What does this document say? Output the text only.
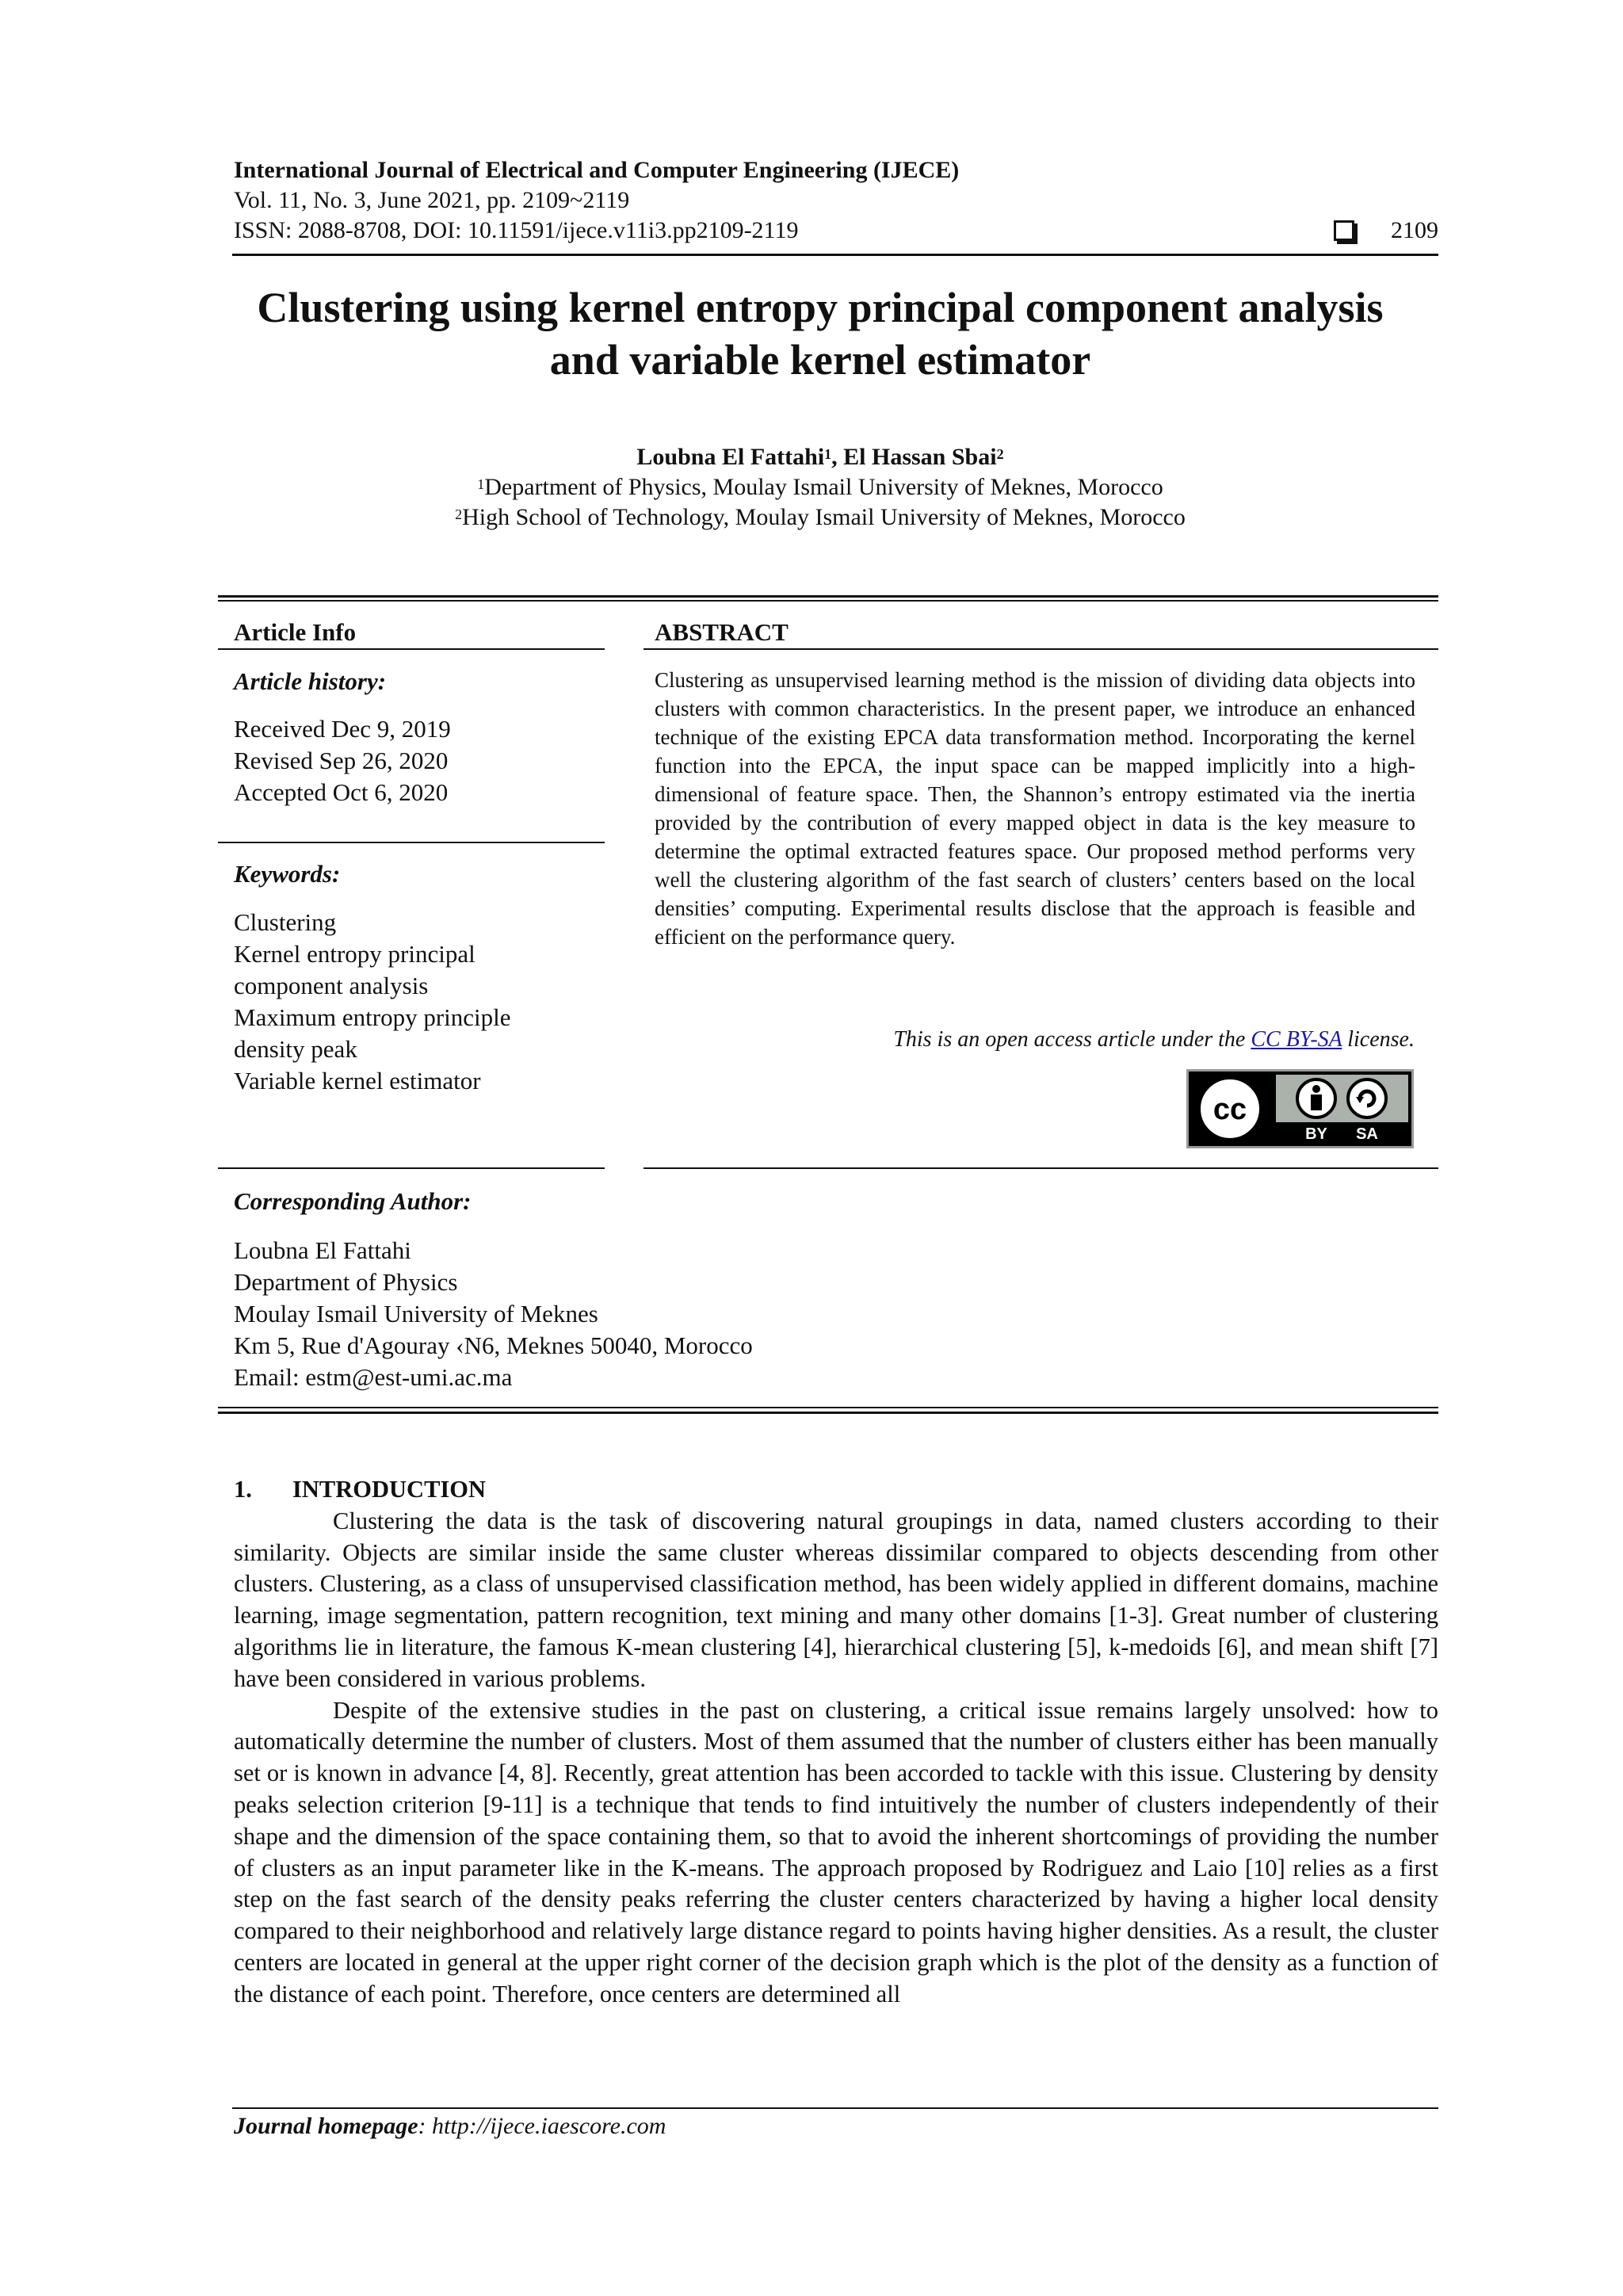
International Journal of Electrical and Computer Engineering (IJECE)
Vol. 11, No. 3, June 2021, pp. 2109~2119
ISSN: 2088-8708, DOI: 10.11591/ijece.v11i3.pp2109-2119	2109
Clustering using kernel entropy principal component analysis
and variable kernel estimator
Loubna El Fattahi$^1$, El Hassan Sbai$^2$
$^1$Department of Physics, Moulay Ismail University of Meknes, Morocco
$^2$High School of Technology, Moulay Ismail University of Meknes, Morocco
Article Info
Article history:
Received Dec 9, 2019
Revised Sep 26, 2020
Accepted Oct 6, 2020
Keywords:
Clustering
Kernel entropy principal
component analysis
Maximum entropy principle
density peak
Variable kernel estimator
ABSTRACT
Clustering as unsupervised learning method is the mission of dividing data objects into clusters with common characteristics. In the present paper, we introduce an enhanced technique of the existing EPCA data transformation method. Incorporating the kernel function into the EPCA, the input space can be mapped implicitly into a high-dimensional of feature space. Then, the Shannon’s entropy estimated via the inertia provided by the contribution of every mapped object in data is the key measure to determine the optimal extracted features space. Our proposed method performs very well the clustering algorithm of the fast search of clusters’ centers based on the local densities’ computing. Experimental results disclose that the approach is feasible and efficient on the performance query.
This is an open access article under the CC BY-SA license.
cc
BY SA
Corresponding Author:
Loubna El Fattahi
Department of Physics
Moulay Ismail University of Meknes
Km 5, Rue d'Agouray ‹N6, Meknes 50040, Morocco
Email: estm@est-umi.ac.ma
1. INTRODUCTION

Clustering the data is the task of discovering natural groupings in data, named clusters according to their similarity. Objects are similar inside the same cluster whereas dissimilar compared to objects descending from other clusters. Clustering, as a class of unsupervised classification method, has been widely applied in different domains, machine learning, image segmentation, pattern recognition, text mining and many other domains [1-3]. Great number of clustering algorithms lie in literature, the famous K-mean clustering [4], hierarchical clustering [5], k-medoids [6], and mean shift [7] have been considered in various problems.

Despite of the extensive studies in the past on clustering, a critical issue remains largely unsolved: how to automatically determine the number of clusters. Most of them assumed that the number of clusters either has been manually set or is known in advance [4, 8]. Recently, great attention has been accorded to tackle with this issue. Clustering by density peaks selection criterion [9-11] is a technique that tends to find intuitively the number of clusters independently of their shape and the dimension of the space containing them, so that to avoid the inherent shortcomings of providing the number of clusters as an input parameter like in the K-means. The approach proposed by Rodriguez and Laio [10] relies as a first step on the fast search of the density peaks referring the cluster centers characterized by having a higher local density compared to their neighborhood and relatively large distance regard to points having higher densities. As a result, the cluster centers are located in general at the upper right corner of the decision graph which is the plot of the density as a function of the distance of each point. Therefore, once centers are determined all

Journal homepage: http://ijece.iaescore.com
